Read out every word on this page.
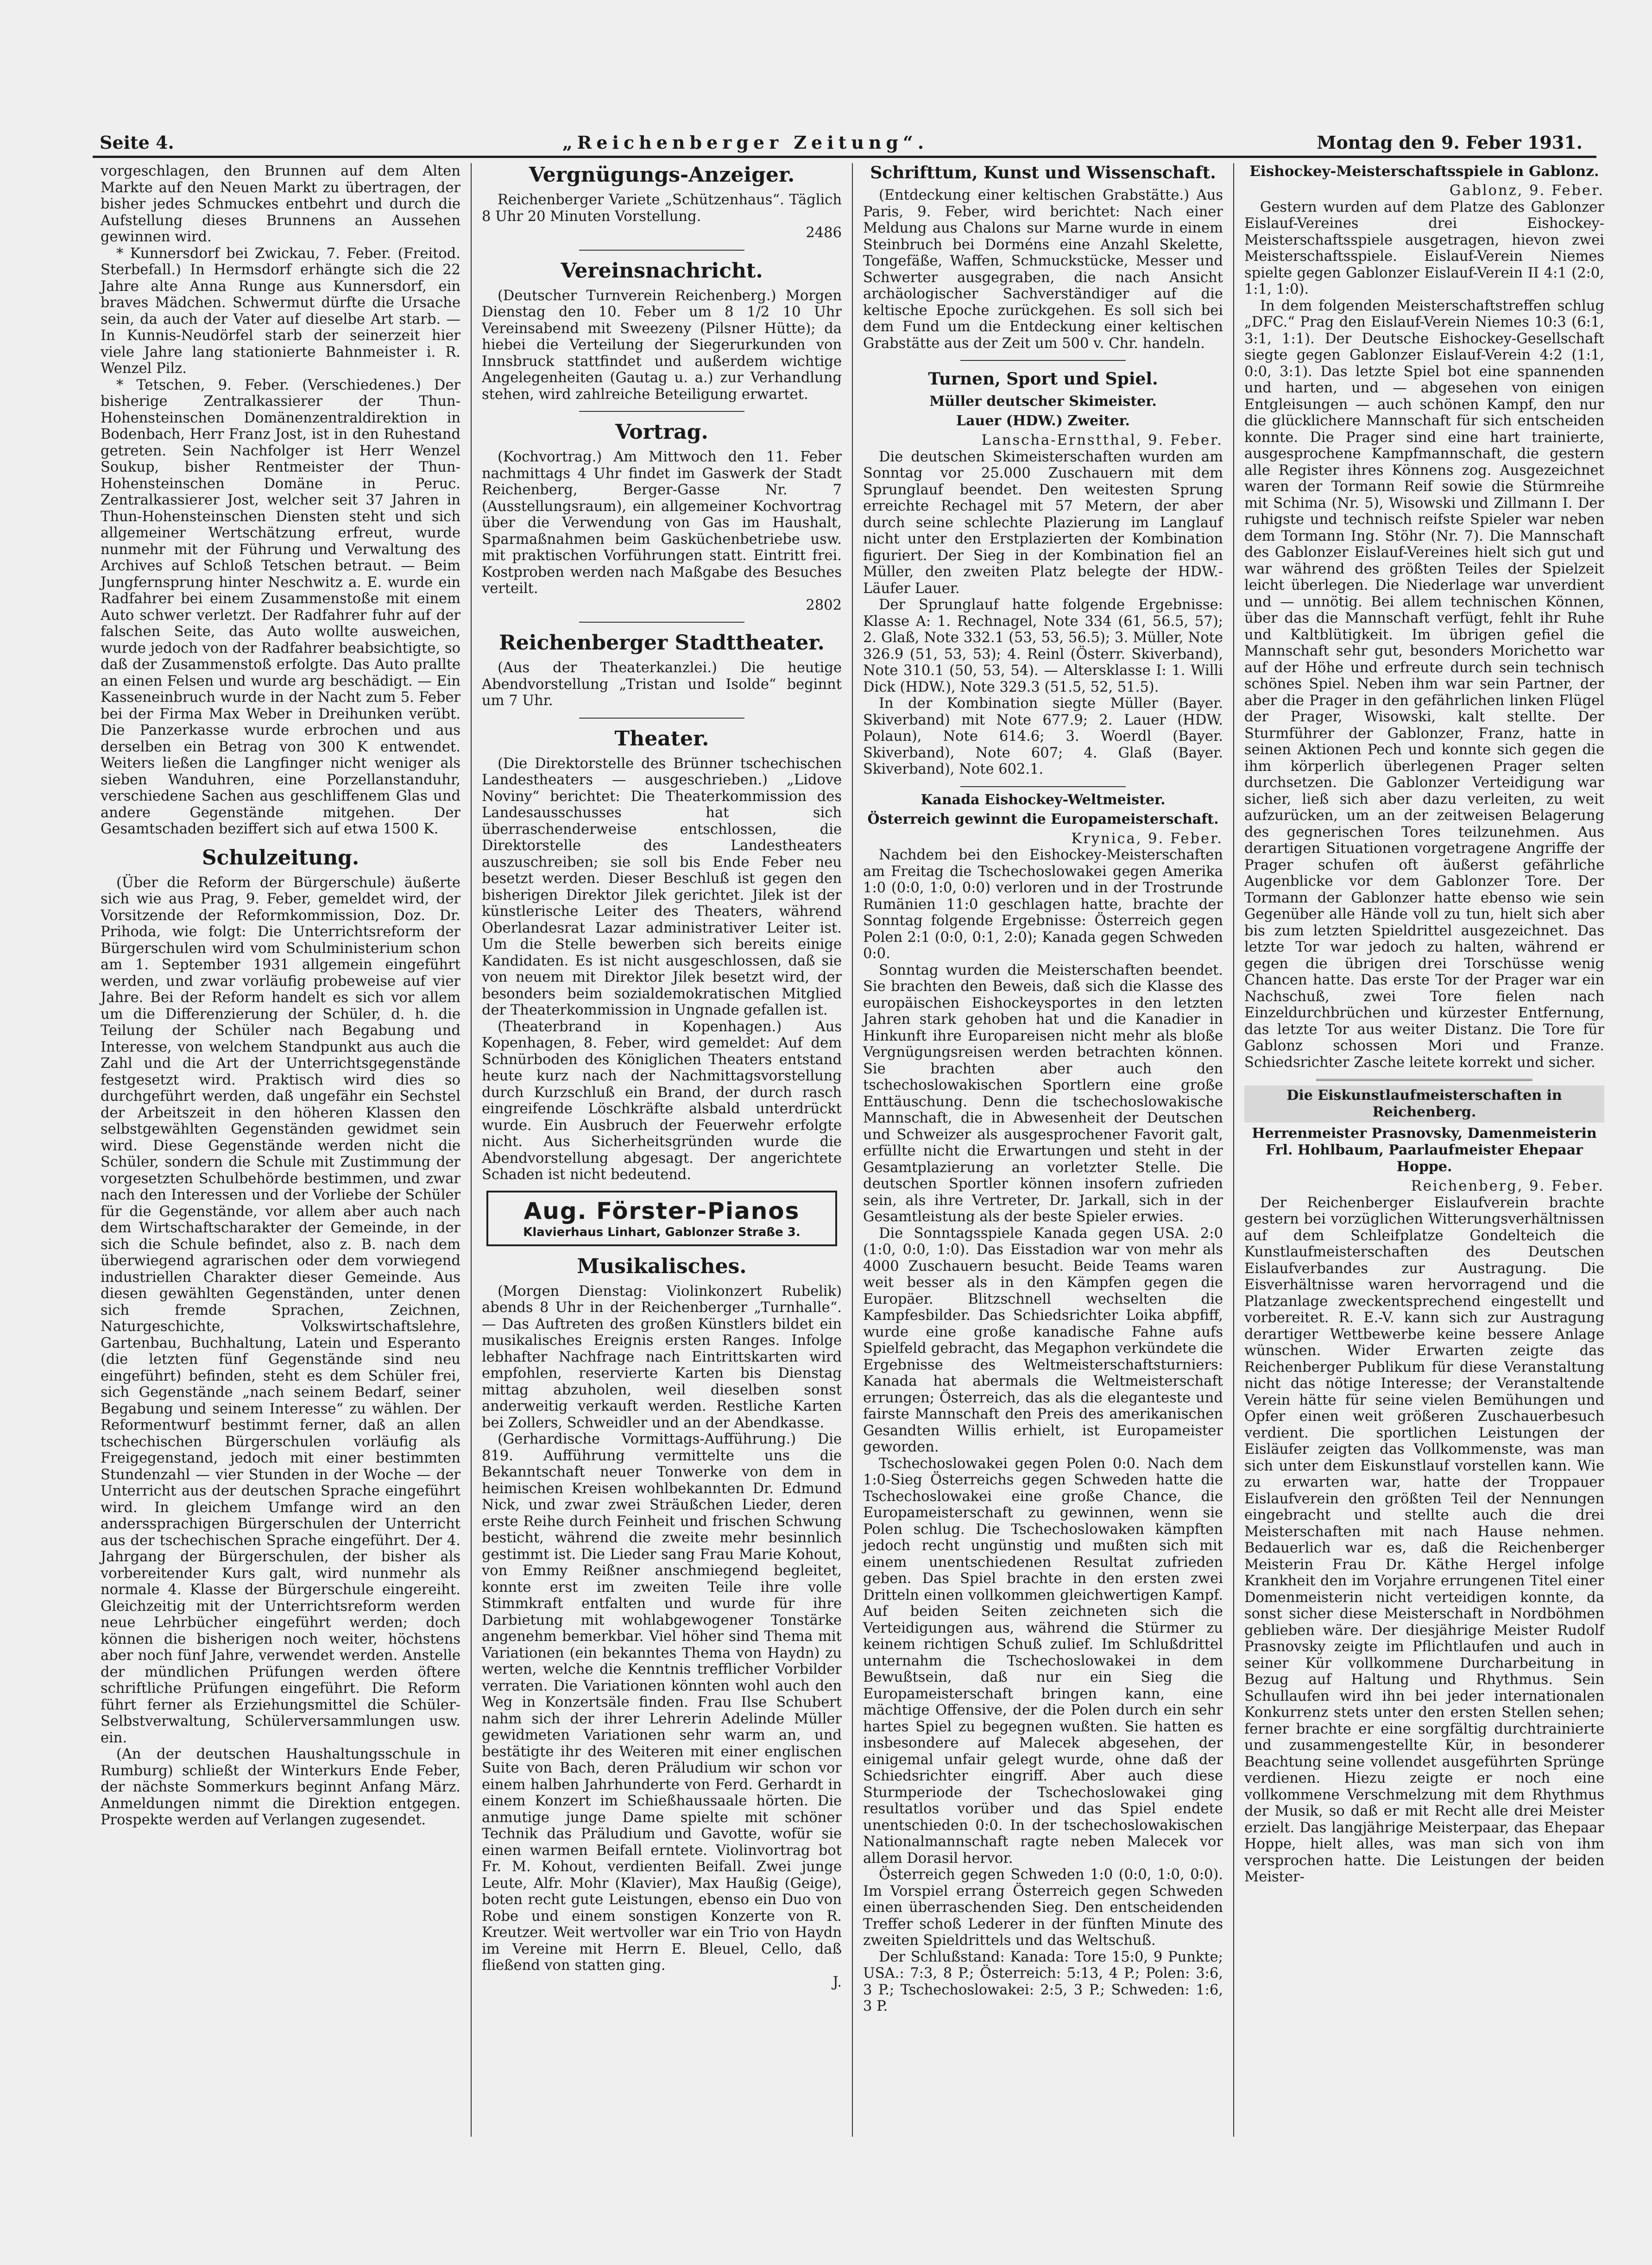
Seite 4.	„Reichenberger Zeitung“.	Montag den 9. Feber 1931.

vorgeschlagen, den Brunnen auf dem Alten Markte auf den Neuen Markt zu übertragen, der bisher jedes Schmuckes entbehrt und durch die Aufstellung dieses Brunnens an Aussehen gewinnen wird.

* Kunnersdorf bei Zwickau, 7. Feber. (Freitod. Sterbefall.) In Hermsdorf erhängte sich die 22 Jahre alte Anna Runge aus Kunnersdorf, ein braves Mädchen. Schwermut dürfte die Ursache sein, da auch der Vater auf dieselbe Art starb. — In Kunnis-Neudörfel starb der seinerzeit hier viele Jahre lang stationierte Bahnmeister i. R. Wenzel Pilz.

* Tetschen, 9. Feber. (Verschiedenes.) Der bisherige Zentralkassierer der Thun-Hohensteinschen Domänenzentraldirektion in Bodenbach, Herr Franz Jost, ist in den Ruhestand getreten. Sein Nachfolger ist Herr Wenzel Soukup, bisher Rentmeister der Thun-Hohensteinschen Domäne in Peruc. Zentralkassierer Jost, welcher seit 37 Jahren in Thun-Hohensteinschen Diensten steht und sich allgemeiner Wertschätzung erfreut, wurde nunmehr mit der Führung und Verwaltung des Archives auf Schloß Tetschen betraut. — Beim Jungfernsprung hinter Neschwitz a. E. wurde ein Radfahrer bei einem Zusammenstoße mit einem Auto schwer verletzt. Der Radfahrer fuhr auf der falschen Seite, das Auto wollte ausweichen, wurde jedoch von der Radfahrer beabsichtigte, so daß der Zusammenstoß erfolgte. Das Auto prallte an einen Felsen und wurde arg beschädigt. — Ein Kasseneinbruch wurde in der Nacht zum 5. Feber bei der Firma Max Weber in Dreihunken verübt. Die Panzerkasse wurde erbrochen und aus derselben ein Betrag von 300 K entwendet. Weiters ließen die Langfinger nicht weniger als sieben Wanduhren, eine Porzellanstanduhr, verschiedene Sachen aus geschliffenem Glas und andere Gegenstände mitgehen. Der Gesamtschaden beziffert sich auf etwa 1500 K.

Schulzeitung.

(Über die Reform der Bürgerschule) äußerte sich wie aus Prag, 9. Feber, gemeldet wird, der Vorsitzende der Reformkommission, Doz. Dr. Prihoda, wie folgt: Die Unterrichtsreform der Bürgerschulen wird vom Schulministerium schon am 1. September 1931 allgemein eingeführt werden, und zwar vorläufig probeweise auf vier Jahre. Bei der Reform handelt es sich vor allem um die Differenzierung der Schüler, d. h. die Teilung der Schüler nach Begabung und Interesse, von welchem Standpunkt aus auch die Zahl und die Art der Unterrichtsgegenstände festgesetzt wird. Praktisch wird dies so durchgeführt werden, daß ungefähr ein Sechstel der Arbeitszeit in den höheren Klassen den selbstgewählten Gegenständen gewidmet sein wird. Diese Gegenstände werden nicht die Schüler, sondern die Schule mit Zustimmung der vorgesetzten Schulbehörde bestimmen, und zwar nach den Interessen und der Vorliebe der Schüler für die Gegenstände, vor allem aber auch nach dem Wirtschaftscharakter der Gemeinde, in der sich die Schule befindet, also z. B. nach dem überwiegend agrarischen oder dem vorwiegend industriellen Charakter dieser Gemeinde. Aus diesen gewählten Gegenständen, unter denen sich fremde Sprachen, Zeichnen, Naturgeschichte, Volkswirtschaftslehre, Gartenbau, Buchhaltung, Latein und Esperanto (die letzten fünf Gegenstände sind neu eingeführt) befinden, steht es dem Schüler frei, sich Gegenstände „nach seinem Bedarf, seiner Begabung und seinem Interesse“ zu wählen. Der Reformentwurf bestimmt ferner, daß an allen tschechischen Bürgerschulen vorläufig als Freigegenstand, jedoch mit einer bestimmten Stundenzahl — vier Stunden in der Woche — der Unterricht aus der deutschen Sprache eingeführt wird. In gleichem Umfange wird an den anderssprachigen Bürgerschulen der Unterricht aus der tschechischen Sprache eingeführt. Der 4. Jahrgang der Bürgerschulen, der bisher als vorbereitender Kurs galt, wird nunmehr als normale 4. Klasse der Bürgerschule eingereiht. Gleichzeitig mit der Unterrichtsreform werden neue Lehrbücher eingeführt werden; doch können die bisherigen noch weiter, höchstens aber noch fünf Jahre, verwendet werden. Anstelle der mündlichen Prüfungen werden öftere schriftliche Prüfungen eingeführt. Die Reform führt ferner als Erziehungsmittel die Schüler-Selbstverwaltung, Schülerversammlungen usw. ein.

(An der deutschen Haushaltungsschule in Rumburg) schließt der Winterkurs Ende Feber, der nächste Sommerkurs beginnt Anfang März. Anmeldungen nimmt die Direktion entgegen. Prospekte werden auf Verlangen zugesendet.

Vergnügungs-Anzeiger.

Reichenberger Variete „Schützenhaus“. Täglich 8 Uhr 20 Minuten Vorstellung.

2486
Vereinsnachricht.

(Deutscher Turnverein Reichenberg.) Morgen Dienstag den 10. Feber um 8 1/2 10 Uhr Vereinsabend mit Sweezeny (Pilsner Hütte); da hiebei die Verteilung der Siegerurkunden von Innsbruck stattfindet und außerdem wichtige Angelegenheiten (Gautag u. a.) zur Verhandlung stehen, wird zahlreiche Beteiligung erwartet.

Vortrag.

(Kochvortrag.) Am Mittwoch den 11. Feber nachmittags 4 Uhr findet im Gaswerk der Stadt Reichenberg, Berger-Gasse Nr. 7 (Ausstellungsraum), ein allgemeiner Kochvortrag über die Verwendung von Gas im Haushalt, Sparmaßnahmen beim Gasküchenbetriebe usw. mit praktischen Vorführungen statt. Eintritt frei. Kostproben werden nach Maßgabe des Besuches verteilt.

2802
Reichenberger Stadttheater.

(Aus der Theaterkanzlei.) Die heutige Abendvorstellung „Tristan und Isolde“ beginnt um 7 Uhr.

Theater.

(Die Direktorstelle des Brünner tschechischen Landestheaters — ausgeschrieben.) „Lidove Noviny“ berichtet: Die Theaterkommission des Landesausschusses hat sich überraschenderweise entschlossen, die Direktorstelle des Landestheaters auszuschreiben; sie soll bis Ende Feber neu besetzt werden. Dieser Beschluß ist gegen den bisherigen Direktor Jilek gerichtet. Jilek ist der künstlerische Leiter des Theaters, während Oberlandesrat Lazar administrativer Leiter ist. Um die Stelle bewerben sich bereits einige Kandidaten. Es ist nicht ausgeschlossen, daß sie von neuem mit Direktor Jilek besetzt wird, der besonders beim sozialdemokratischen Mitglied der Theaterkommission in Ungnade gefallen ist.

(Theaterbrand in Kopenhagen.) Aus Kopenhagen, 8. Feber, wird gemeldet: Auf dem Schnürboden des Königlichen Theaters entstand heute kurz nach der Nachmittagsvorstellung durch Kurzschluß ein Brand, der durch rasch eingreifende Löschkräfte alsbald unterdrückt wurde. Ein Ausbruch der Feuerwehr erfolgte nicht. Aus Sicherheitsgründen wurde die Abendvorstellung abgesagt. Der angerichtete Schaden ist nicht bedeutend.

Aug. Förster-Pianos
Klavierhaus Linhart, Gablonzer Straße 3.
Musikalisches.

(Morgen Dienstag: Violinkonzert Rubelik) abends 8 Uhr in der Reichenberger „Turnhalle“. — Das Auftreten des großen Künstlers bildet ein musikalisches Ereignis ersten Ranges. Infolge lebhafter Nachfrage nach Eintrittskarten wird empfohlen, reservierte Karten bis Dienstag mittag abzuholen, weil dieselben sonst anderweitig verkauft werden. Restliche Karten bei Zollers, Schweidler und an der Abendkasse.

(Gerhardische Vormittags-Aufführung.) Die 819. Aufführung vermittelte uns die Bekanntschaft neuer Tonwerke von dem in heimischen Kreisen wohlbekannten Dr. Edmund Nick, und zwar zwei Sträußchen Lieder, deren erste Reihe durch Feinheit und frischen Schwung besticht, während die zweite mehr besinnlich gestimmt ist. Die Lieder sang Frau Marie Kohout, von Emmy Reißner anschmiegend begleitet, konnte erst im zweiten Teile ihre volle Stimmkraft entfalten und wurde für ihre Darbietung mit wohlabgewogener Tonstärke angenehm bemerkbar. Viel höher sind Thema mit Variationen (ein bekanntes Thema von Haydn) zu werten, welche die Kenntnis trefflicher Vorbilder verraten. Die Variationen könnten wohl auch den Weg in Konzertsäle finden. Frau Ilse Schubert nahm sich der ihrer Lehrerin Adelinde Müller gewidmeten Variationen sehr warm an, und bestätigte ihr des Weiteren mit einer englischen Suite von Bach, deren Präludium wir schon vor einem halben Jahrhunderte von Ferd. Gerhardt in einem Konzert im Schießhaussaale hörten. Die anmutige junge Dame spielte mit schöner Technik das Präludium und Gavotte, wofür sie einen warmen Beifall erntete. Violinvortrag bot Fr. M. Kohout, verdienten Beifall. Zwei junge Leute, Alfr. Mohr (Klavier), Max Haußig (Geige), boten recht gute Leistungen, ebenso ein Duo von Robe und einem sonstigen Konzerte von R. Kreutzer. Weit wertvoller war ein Trio von Haydn im Vereine mit Herrn E. Bleuel, Cello, daß fließend von statten ging.

J.
Schrifttum, Kunst und Wissenschaft.

(Entdeckung einer keltischen Grabstätte.) Aus Paris, 9. Feber, wird berichtet: Nach einer Meldung aus Chalons sur Marne wurde in einem Steinbruch bei Dorméns eine Anzahl Skelette, Tongefäße, Waffen, Schmuckstücke, Messer und Schwerter ausgegraben, die nach Ansicht archäologischer Sachverständiger auf die keltische Epoche zurückgehen. Es soll sich bei dem Fund um die Entdeckung einer keltischen Grabstätte aus der Zeit um 500 v. Chr. handeln.

Turnen, Sport und Spiel.
Müller deutscher Skimeister.
Lauer (HDW.) Zweiter.
Lanscha-Ernstthal, 9. Feber.

Die deutschen Skimeisterschaften wurden am Sonntag vor 25.000 Zuschauern mit dem Sprunglauf beendet. Den weitesten Sprung erreichte Rechagel mit 57 Metern, der aber durch seine schlechte Plazierung im Langlauf nicht unter den Erstplazierten der Kombination figuriert. Der Sieg in der Kombination fiel an Müller, den zweiten Platz belegte der HDW.-Läufer Lauer.

Der Sprunglauf hatte folgende Ergebnisse: Klasse A: 1. Rechnagel, Note 334 (61, 56.5, 57); 2. Glaß, Note 332.1 (53, 53, 56.5); 3. Müller, Note 326.9 (51, 53, 53); 4. Reinl (Österr. Skiverband), Note 310.1 (50, 53, 54). — Altersklasse I: 1. Willi Dick (HDW.), Note 329.3 (51.5, 52, 51.5).

In der Kombination siegte Müller (Bayer. Skiverband) mit Note 677.9; 2. Lauer (HDW. Polaun), Note 614.6; 3. Woerdl (Bayer. Skiverband), Note 607; 4. Glaß (Bayer. Skiverband), Note 602.1.

Kanada Eishockey-Weltmeister.
Österreich gewinnt die Europameisterschaft.
Krynica, 9. Feber.

Nachdem bei den Eishockey-Meisterschaften am Freitag die Tschechoslowakei gegen Amerika 1:0 (0:0, 1:0, 0:0) verloren und in der Trostrunde Rumänien 11:0 geschlagen hatte, brachte der Sonntag folgende Ergebnisse: Österreich gegen Polen 2:1 (0:0, 0:1, 2:0); Kanada gegen Schweden 0:0.

Sonntag wurden die Meisterschaften beendet. Sie brachten den Beweis, daß sich die Klasse des europäischen Eishockeysportes in den letzten Jahren stark gehoben hat und die Kanadier in Hinkunft ihre Europareisen nicht mehr als bloße Vergnügungsreisen werden betrachten können. Sie brachten aber auch den tschechoslowakischen Sportlern eine große Enttäuschung. Denn die tschechoslowakische Mannschaft, die in Abwesenheit der Deutschen und Schweizer als ausgesprochener Favorit galt, erfüllte nicht die Erwartungen und steht in der Gesamtplazierung an vorletzter Stelle. Die deutschen Sportler können insofern zufrieden sein, als ihre Vertreter, Dr. Jarkall, sich in der Gesamtleistung als der beste Spieler erwies.

Die Sonntagsspiele Kanada gegen USA. 2:0 (1:0, 0:0, 1:0). Das Eisstadion war von mehr als 4000 Zuschauern besucht. Beide Teams waren weit besser als in den Kämpfen gegen die Europäer. Blitzschnell wechselten die Kampfesbilder. Das Schiedsrichter Loika abpfiff, wurde eine große kanadische Fahne aufs Spielfeld gebracht, das Megaphon verkündete die Ergebnisse des Weltmeisterschaftsturniers: Kanada hat abermals die Weltmeisterschaft errungen; Österreich, das als die eleganteste und fairste Mannschaft den Preis des amerikanischen Gesandten Willis erhielt, ist Europameister geworden.

Tschechoslowakei gegen Polen 0:0. Nach dem 1:0-Sieg Österreichs gegen Schweden hatte die Tschechoslowakei eine große Chance, die Europameisterschaft zu gewinnen, wenn sie Polen schlug. Die Tschechoslowaken kämpften jedoch recht ungünstig und mußten sich mit einem unentschiedenen Resultat zufrieden geben. Das Spiel brachte in den ersten zwei Dritteln einen vollkommen gleichwertigen Kampf. Auf beiden Seiten zeichneten sich die Verteidigungen aus, während die Stürmer zu keinem richtigen Schuß zulief. Im Schlußdrittel unternahm die Tschechoslowakei in dem Bewußtsein, daß nur ein Sieg die Europameisterschaft bringen kann, eine mächtige Offensive, der die Polen durch ein sehr hartes Spiel zu begegnen wußten. Sie hatten es insbesondere auf Malecek abgesehen, der einigemal unfair gelegt wurde, ohne daß der Schiedsrichter eingriff. Aber auch diese Sturmperiode der Tschechoslowakei ging resultatlos vorüber und das Spiel endete unentschieden 0:0. In der tschechoslowakischen Nationalmannschaft ragte neben Malecek vor allem Dorasil hervor.

Österreich gegen Schweden 1:0 (0:0, 1:0, 0:0). Im Vorspiel errang Österreich gegen Schweden einen überraschenden Sieg. Den entscheidenden Treffer schoß Lederer in der fünften Minute des zweiten Spieldrittels und das Weltschuß.

Der Schlußstand: Kanada: Tore 15:0, 9 Punkte; USA.: 7:3, 8 P.; Österreich: 5:13, 4 P.; Polen: 3:6, 3 P.; Tschechoslowakei: 2:5, 3 P.; Schweden: 1:6, 3 P.

Eishockey-Meisterschaftsspiele in Gablonz.
Gablonz, 9. Feber.

Gestern wurden auf dem Platze des Gablonzer Eislauf-Vereines drei Eishockey-Meisterschaftsspiele ausgetragen, hievon zwei Meisterschaftsspiele. Eislauf-Verein Niemes spielte gegen Gablonzer Eislauf-Verein II 4:1 (2:0, 1:1, 1:0).

In dem folgenden Meisterschaftstreffen schlug „DFC.“ Prag den Eislauf-Verein Niemes 10:3 (6:1, 3:1, 1:1). Der Deutsche Eishockey-Gesellschaft siegte gegen Gablonzer Eislauf-Verein 4:2 (1:1, 0:0, 3:1). Das letzte Spiel bot eine spannenden und harten, und — abgesehen von einigen Entgleisungen — auch schönen Kampf, den nur die glücklichere Mannschaft für sich entscheiden konnte. Die Prager sind eine hart trainierte, ausgesprochene Kampfmannschaft, die gestern alle Register ihres Könnens zog. Ausgezeichnet waren der Tormann Reif sowie die Stürmreihe mit Schima (Nr. 5), Wisowski und Zillmann I. Der ruhigste und technisch reifste Spieler war neben dem Tormann Ing. Stöhr (Nr. 7). Die Mannschaft des Gablonzer Eislauf-Vereines hielt sich gut und war während des größten Teiles der Spielzeit leicht überlegen. Die Niederlage war unverdient und — unnötig. Bei allem technischen Können, über das die Mannschaft verfügt, fehlt ihr Ruhe und Kaltblütigkeit. Im übrigen gefiel die Mannschaft sehr gut, besonders Morichetto war auf der Höhe und erfreute durch sein technisch schönes Spiel. Neben ihm war sein Partner, der aber die Prager in den gefährlichen linken Flügel der Prager, Wisowski, kalt stellte. Der Sturmführer der Gablonzer, Franz, hatte in seinen Aktionen Pech und konnte sich gegen die ihm körperlich überlegenen Prager selten durchsetzen. Die Gablonzer Verteidigung war sicher, ließ sich aber dazu verleiten, zu weit aufzurücken, um an der zeitweisen Belagerung des gegnerischen Tores teilzunehmen. Aus derartigen Situationen vorgetragene Angriffe der Prager schufen oft äußerst gefährliche Augenblicke vor dem Gablonzer Tore. Der Tormann der Gablonzer hatte ebenso wie sein Gegenüber alle Hände voll zu tun, hielt sich aber bis zum letzten Spieldrittel ausgezeichnet. Das letzte Tor war jedoch zu halten, während er gegen die übrigen drei Torschüsse wenig Chancen hatte. Das erste Tor der Prager war ein Nachschuß, zwei Tore fielen nach Einzeldurchbrüchen und kürzester Entfernung, das letzte Tor aus weiter Distanz. Die Tore für Gablonz schossen Mori und Franze. Schiedsrichter Zasche leitete korrekt und sicher.

Die Eiskunstlaufmeisterschaften in Reichenberg.
Herrenmeister Prasnovsky, Damenmeisterin Frl. Hohlbaum, Paarlaufmeister Ehepaar Hoppe.
Reichenberg, 9. Feber.

Der Reichenberger Eislaufverein brachte gestern bei vorzüglichen Witterungsverhältnissen auf dem Schleifplatze Gondelteich die Kunstlaufmeisterschaften des Deutschen Eislaufverbandes zur Austragung. Die Eisverhältnisse waren hervorragend und die Platzanlage zweckentsprechend eingestellt und vorbereitet. R. E.-V. kann sich zur Austragung derartiger Wettbewerbe keine bessere Anlage wünschen. Wider Erwarten zeigte das Reichenberger Publikum für diese Veranstaltung nicht das nötige Interesse; der Veranstaltende Verein hätte für seine vielen Bemühungen und Opfer einen weit größeren Zuschauerbesuch verdient. Die sportlichen Leistungen der Eisläufer zeigten das Vollkommenste, was man sich unter dem Eiskunstlauf vorstellen kann. Wie zu erwarten war, hatte der Troppauer Eislaufverein den größten Teil der Nennungen eingebracht und stellte auch die drei Meisterschaften mit nach Hause nehmen. Bedauerlich war es, daß die Reichenberger Meisterin Frau Dr. Käthe Hergel infolge Krankheit den im Vorjahre errungenen Titel einer Domenmeisterin nicht verteidigen konnte, da sonst sicher diese Meisterschaft in Nordböhmen geblieben wäre. Der diesjährige Meister Rudolf Prasnovsky zeigte im Pflichtlaufen und auch in seiner Kür vollkommene Durcharbeitung in Bezug auf Haltung und Rhythmus. Sein Schullaufen wird ihn bei jeder internationalen Konkurrenz stets unter den ersten Stellen sehen; ferner brachte er eine sorgfältig durchtrainierte und zusammengestellte Kür, in besonderer Beachtung seine vollendet ausgeführten Sprünge verdienen. Hiezu zeigte er noch eine vollkommene Verschmelzung mit dem Rhythmus der Musik, so daß er mit Recht alle drei Meister erzielt. Das langjährige Meisterpaar, das Ehepaar Hoppe, hielt alles, was man sich von ihm versprochen hatte. Die Leistungen der beiden Meister-
